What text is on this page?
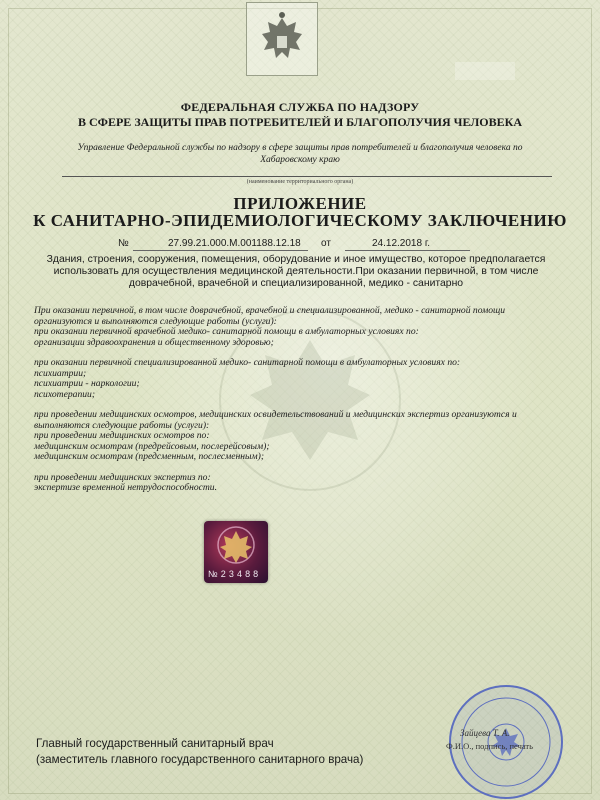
ФЕДЕРАЛЬНАЯ СЛУЖБА ПО НАДЗОРУ
В СФЕРЕ ЗАЩИТЫ ПРАВ ПОТРЕБИТЕЛЕЙ И БЛАГОПОЛУЧИЯ ЧЕЛОВЕКА
Управление Федеральной службы по надзору в сфере защиты прав потребителей и благополучия человека по
Хабаровскому краю
(наименование территориального органа)
ПРИЛОЖЕНИЕ
К САНИТАРНО-ЭПИДЕМИОЛОГИЧЕСКОМУ ЗАКЛЮЧЕНИЮ
№	27.99.21.000.М.001188.12.18 от	24.12.2018 г.
Здания, строения, сооружения, помещения, оборудование и иное имущество, которое предполагается использовать для осуществления медицинской деятельности.При оказании первичной, в том числе доврачебной, врачебной и специализированной, медико - санитарно
При оказании первичной, в том числе доврачебной, врачебной и специализированной, медико - санитарной помощи
организуются и выполняются следующие работы (услуги):
при оказании первичной врачебной медико- санитарной помощи в амбулаторных условиях по:
организации здравоохранения и общественному здоровью;
при оказании первичной специализированной медико- санитарной помощи в амбулаторных условиях по:
психиатрии;
психиатрии - наркологии;
психотерапии;
при проведении медицинских осмотров, медицинских освидетельствований и медицинских экспертиз организуются и
выполняются следующие работы (услуги):
при проведении медицинских осмотров по:
медицинским осмотрам (предрейсовым, послерейсовым);
медицинским осмотрам (предсменным, послесменным);
при проведении медицинских экспертиз по:
экспертизе временной нетрудоспособности.
№ 2 3 4 8 8
Зайцева Т. А.
Ф.И.О., подпись, печать
Главный государственный санитарный врач
(заместитель главного государственного санитарного врача)
